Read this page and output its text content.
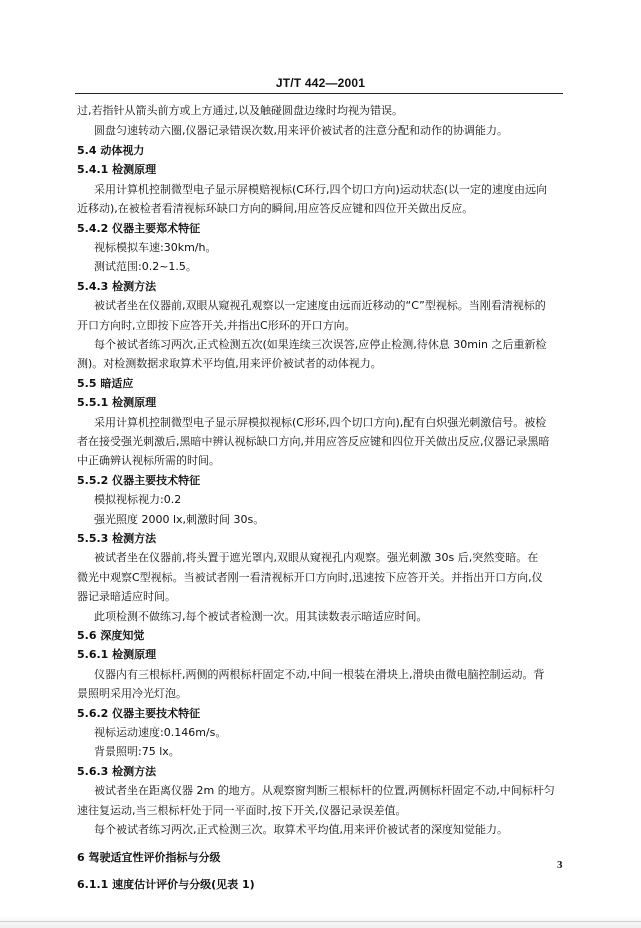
JT/T 442—2001
过,若指针从箭头前方或上方通过,以及触碰圆盘边缘时均视为错误。
圆盘匀速转动六圈,仪器记录错误次数,用来评价被试者的注意分配和动作的协调能力。
5.4 动体视力
5.4.1 检测原理
采用计算机控制微型电子显示屏模赔视标(C环行,四个切口方向)运动状态(以一定的速度由远向
近移动),在被检者看清视标环缺口方向的瞬间,用应答反应键和四位开关做出反应。
5.4.2 仪器主要郑术特征
视标模拟车速:30km/h。
测试范围:0.2~1.5。
5.4.3 检测方法
被试者坐在仪器前,双眼从窥视孔观察以一定速度由远而近移动的“C”型视标。当刚看清视标的
开口方向时,立即按下应答开关,并指出C形环的开口方向。
每个被试者练习两次,正式检测五次(如果连续三次误答,应停止检测,待休息 30min 之后重新检
测)。对检测数据求取算术平均值,用来评价被试者的动体视力。
5.5 暗适应
5.5.1 检测原理
采用计算机控制微型电子显示屏模拟视标(C形环,四个切口方向),配有白炽强光刺激信号。被检
者在接受强光刺激后,黑暗中辨认视标缺口方向,并用应答反应键和四位开关做出反应,仪器记录黑暗
中正确辨认视标所需的时间。
5.5.2 仪器主要技术特征
模拟视标视力:0.2
强光照度 2000 lx,刺激时间 30s。
5.5.3 检测方法
被试者坐在仪器前,将头置于遮光罩内,双眼从窥视孔内观察。强光刺激 30s 后,突然变暗。在
微光中观察C型视标。当被试者刚一看清视标开口方向时,迅速按下应答开关。并指出开口方向,仪
器记录暗适应时间。
此项检测不做练习,每个被试者检测一次。用其读数表示暗适应时间。
5.6 深度知觉
5.6.1 检测原理
仪器内有三根标杆,两侧的两根标杆固定不动,中间一根装在滑块上,滑块由微电脑控制运动。背
景照明采用冷光灯泡。
5.6.2 仪器主要技术特征
视标运动速度:0.146m/s。
背景照明:75 lx。
5.6.3 检测方法
被试者坐在距离仪器 2m 的地方。从观察窗判断三根标杆的位置,两侧标杆固定不动,中间标杆匀
速往复运动,当三根标杆处于同一平面时,按下开关,仪器记录误差值。
每个被试者练习两次,正式检测三次。取算术平均值,用来评价被试者的深度知觉能力。
6 驾驶适宜性评价指标与分级
6.1.1 速度估计评价与分级(见表 1)
3
